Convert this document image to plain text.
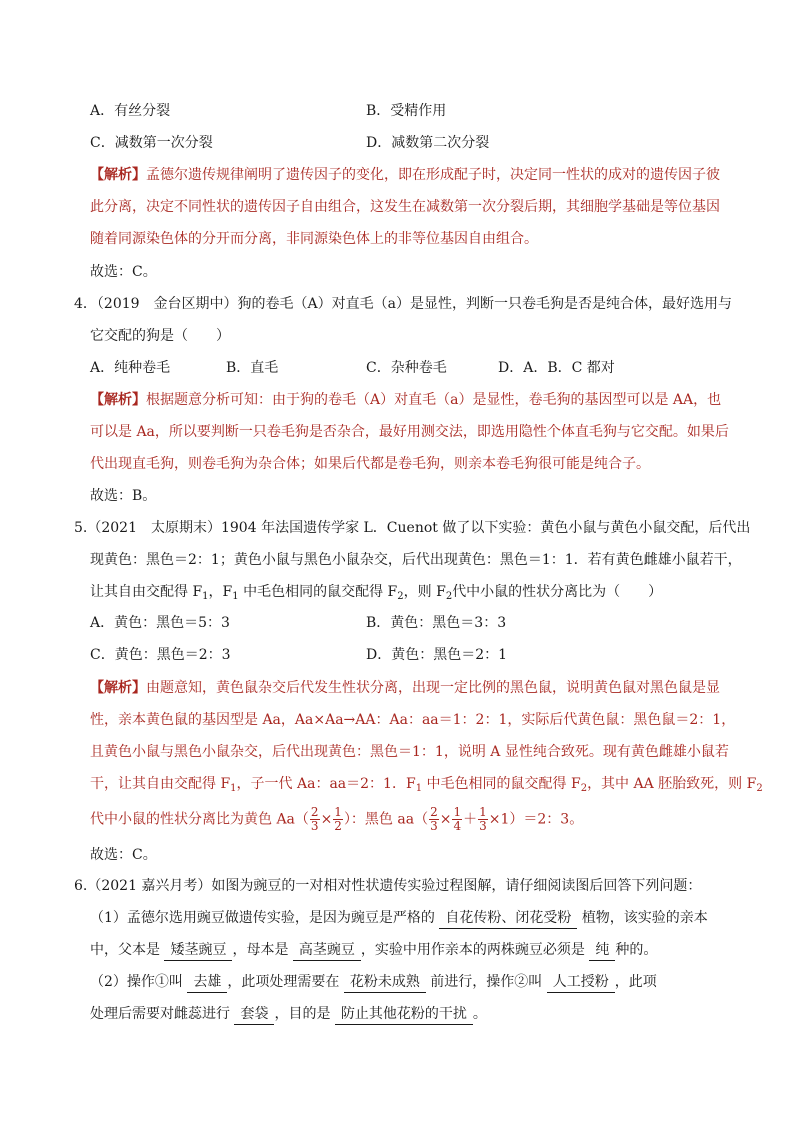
A．有丝分裂	B．受精作用
C．减数第一次分裂	D．减数第二次分裂
【解析】孟德尔遗传规律阐明了遗传因子的变化，即在形成配子时，决定同一性状的成对的遗传因子彼
此分离，决定不同性状的遗传因子自由组合，这发生在减数第一次分裂后期，其细胞学基础是等位基因
随着同源染色体的分开而分离，非同源染色体上的非等位基因自由组合。
故选：C。
4．（2019　金台区期中）狗的卷毛（A）对直毛（a）是显性，判断一只卷毛狗是否是纯合体，最好选用与
它交配的狗是（　　）
A．纯种卷毛	B．直毛	C．杂种卷毛	D．A．B．C 都对
【解析】根据题意分析可知：由于狗的卷毛（A）对直毛（a）是显性，卷毛狗的基因型可以是 AA，也
可以是 Aa，所以要判断一只卷毛狗是否杂合，最好用测交法，即选用隐性个体直毛狗与它交配。如果后
代出现直毛狗，则卷毛狗为杂合体；如果后代都是卷毛狗，则亲本卷毛狗很可能是纯合子。
故选：B。
5.（2021　太原期末）1904 年法国遗传学家 L．Cuenot 做了以下实验：黄色小鼠与黄色小鼠交配，后代出
现黄色：黑色＝2：1；黄色小鼠与黑色小鼠杂交，后代出现黄色：黑色＝1：1．若有黄色雌雄小鼠若干，
让其自由交配得 $F_1$，$F_1$ 中毛色相同的鼠交配得 $F_2$，则 $F_2$代中小鼠的性状分离比为（　　）
A．黄色：黑色＝5：3	B．黄色：黑色＝3：3
C．黄色：黑色＝2：3	D．黄色：黑色＝2：1
【解析】由题意知，黄色鼠杂交后代发生性状分离，出现一定比例的黑色鼠，说明黄色鼠对黑色鼠是显
性，亲本黄色鼠的基因型是 Aa，Aa×Aa→AA：Aa：aa＝1：2：1，实际后代黄色鼠：黑色鼠＝2：1，
且黄色小鼠与黑色小鼠杂交，后代出现黄色：黑色＝1：1，说明 A 显性纯合致死。现有黄色雌雄小鼠若
干，让其自由交配得 $F_1$，子一代 Aa：aa＝2：1．$F_1$ 中毛色相同的鼠交配得 $F_2$，其中 AA 胚胎致死，则 $F_2$
代中小鼠的性状分离比为黄色 $Aa( \frac{2}{3} \times \frac{1}{2}$ ）：黑色 $aa( \frac{2}{3} \times \frac{1}{4} + \frac{1}{3} \times 1)=2$：3。
故选：C。
6.（2021 嘉兴月考）如图为豌豆的一对相对性状遗传实验过程图解，请仔细阅读图后回答下列问题：
（1）孟德尔选用豌豆做遗传实验，是因为豌豆是严格的 自花传粉、闭花受粉 植物，该实验的亲本
中，父本是 矮茎豌豆 ，母本是 高茎豌豆 ，实验中用作亲本的两株豌豆必须是 纯 种的。
（2）操作①叫 去雄 ，此项处理需要在 花粉未成熟 前进行，操作②叫 人工授粉 ，此项
处理后需要对雌蕊进行 套袋 ，目的是 防止其他花粉的干扰 。
